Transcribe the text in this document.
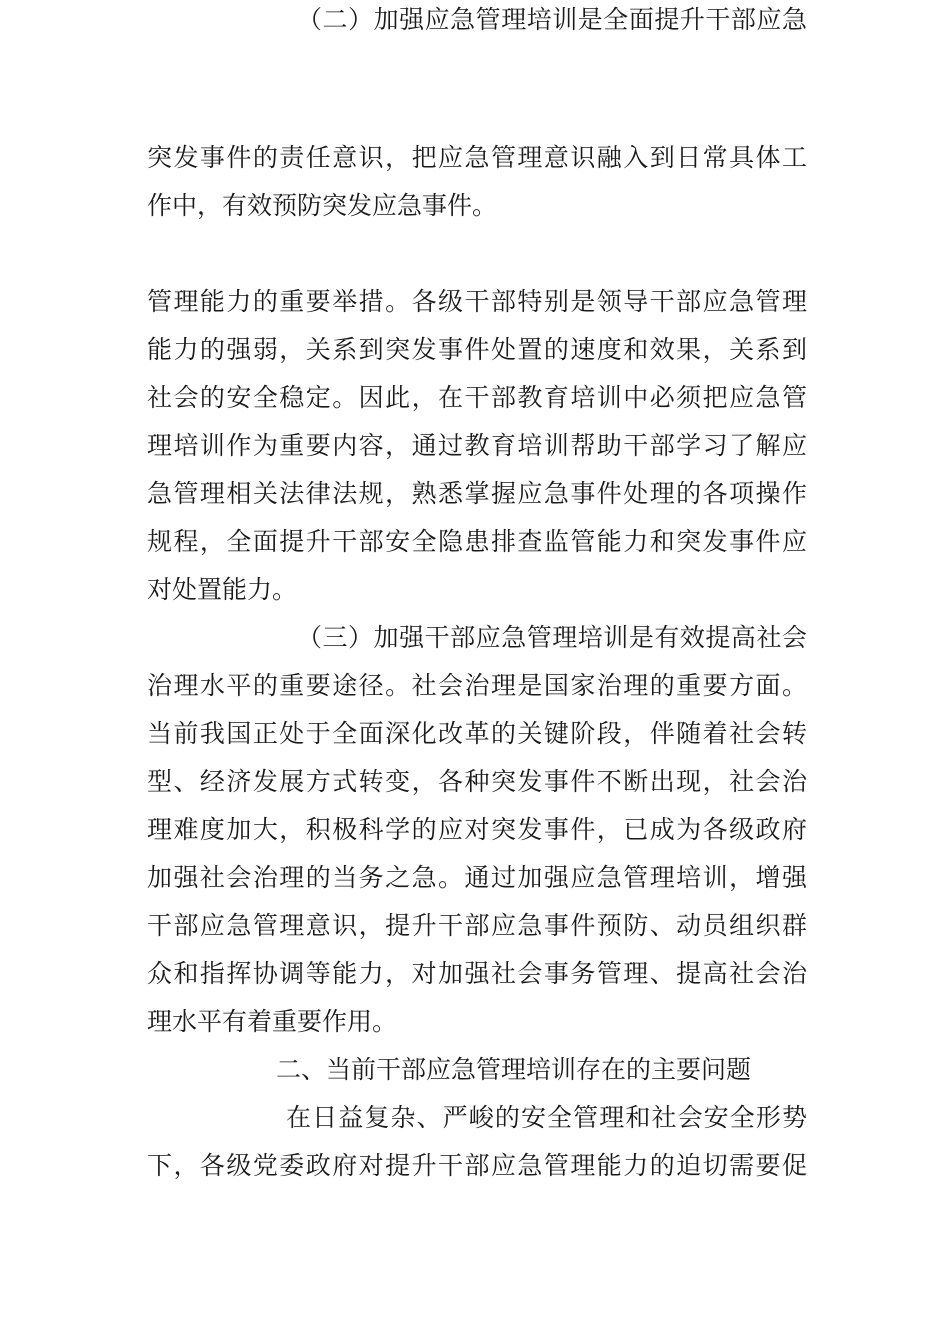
突发事件的责任意识，把应急管理意识融入到日常具体工
作中，有效预防突发应急事件。
（二）加强应急管理培训是全面提升干部应急
管理能力的重要举措。各级干部特别是领导干部应急管理
能力的强弱，关系到突发事件处置的速度和效果，关系到
社会的安全稳定。因此，在干部教育培训中必须把应急管
理培训作为重要内容，通过教育培训帮助干部学习了解应
急管理相关法律法规，熟悉掌握应急事件处理的各项操作
规程，全面提升干部安全隐患排查监管能力和突发事件应
对处置能力。
（三）加强干部应急管理培训是有效提高社会
治理水平的重要途径。社会治理是国家治理的重要方面。
当前我国正处于全面深化改革的关键阶段，伴随着社会转
型、经济发展方式转变，各种突发事件不断出现，社会治
理难度加大，积极科学的应对突发事件，已成为各级政府
加强社会治理的当务之急。通过加强应急管理培训，增强
干部应急管理意识，提升干部应急事件预防、动员组织群
众和指挥协调等能力，对加强社会事务管理、提高社会治
理水平有着重要作用。
二、当前干部应急管理培训存在的主要问题
在日益复杂、严峻的安全管理和社会安全形势
下，各级党委政府对提升干部应急管理能力的迫切需要促
